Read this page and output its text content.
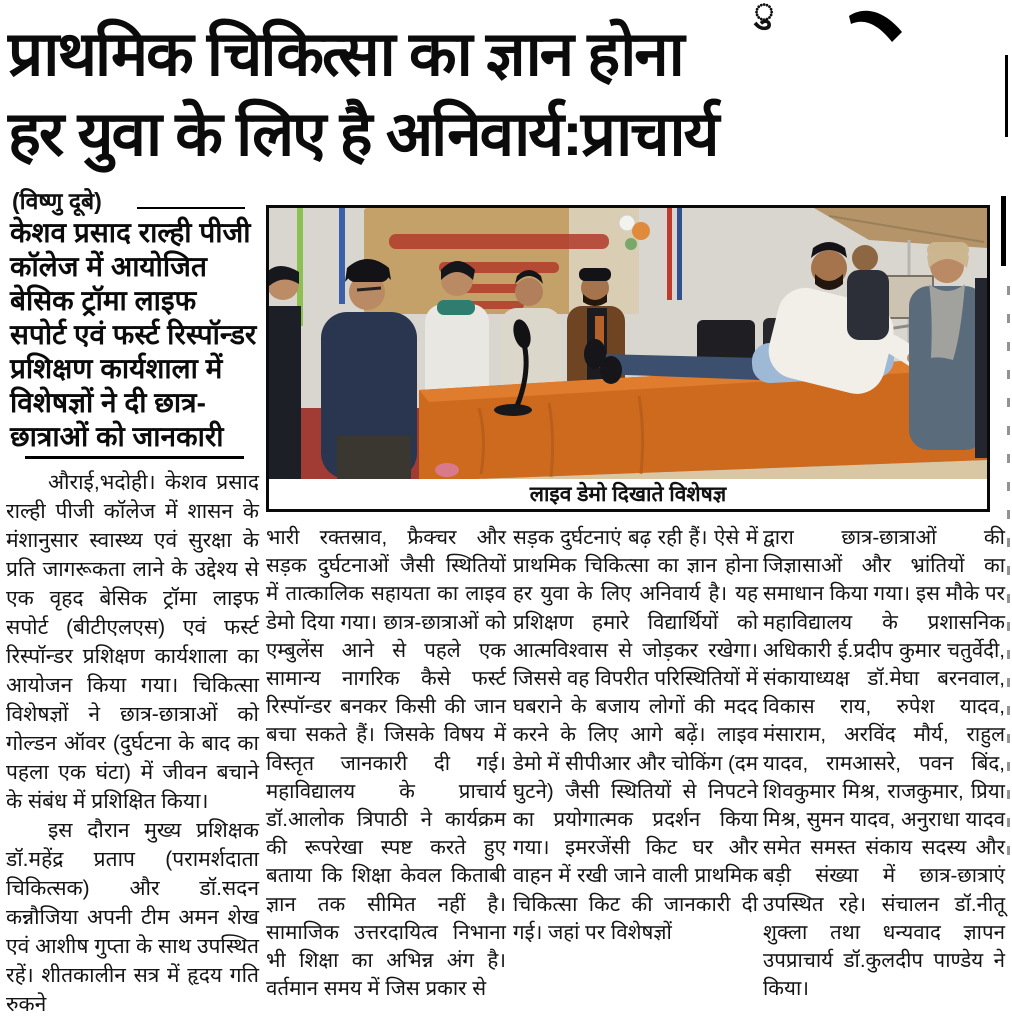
ु
प्राथमिक चिकित्सा का ज्ञान होना
हर युवा के लिए है अनिवार्य:प्राचार्य
(विष्णु दूबे)
केशव प्रसाद राल्ही पीजी कॉलेज में आयोजित बेसिक ट्रॉमा लाइफ सपोर्ट एवं फर्स्ट रिस्पॉन्डर प्रशिक्षण कार्यशाला में विशेषज्ञों ने दी छात्र-छात्राओं को जानकारी
लाइव डेमो दिखाते विशेषज्ञ

औराई,भदोही। केशव प्रसाद राल्ही पीजी कॉलेज में शासन के मंशानुसार स्वास्थ्य एवं सुरक्षा के प्रति जागरूकता लाने के उद्देश्य से एक वृहद बेसिक ट्रॉमा लाइफ सपोर्ट (बीटीएलएस) एवं फर्स्ट रिस्पॉन्डर प्रशिक्षण कार्यशाला का आयोजन किया गया। चिकित्सा विशेषज्ञों ने छात्र-छात्राओं को गोल्डन ऑवर (दुर्घटना के बाद का पहला एक घंटा) में जीवन बचाने के संबंध में प्रशिक्षित किया।

इस दौरान मुख्य प्रशिक्षक डॉ.महेंद्र प्रताप (परामर्शदाता चिकित्सक) और डॉ.सदन कन्नौजिया अपनी टीम अमन शेख एवं आशीष गुप्ता के साथ उपस्थित रहें। शीतकालीन सत्र में हृदय गति रुकने

भारी रक्तस्राव, फ्रैक्चर और सड़क दुर्घटनाओं जैसी स्थितियों में तात्कालिक सहायता का लाइव डेमो दिया गया। छात्र-छात्राओं को एम्बुलेंस आने से पहले एक सामान्य नागरिक कैसे फर्स्ट रिस्पॉन्डर बनकर किसी की जान बचा सकते हैं। जिसके विषय में विस्तृत जानकारी दी गई। महाविद्यालय के प्राचार्य डॉ.आलोक त्रिपाठी ने कार्यक्रम की रूपरेखा स्पष्ट करते हुए बताया कि शिक्षा केवल किताबी ज्ञान तक सीमित नहीं है। सामाजिक उत्तरदायित्व निभाना भी शिक्षा का अभिन्न अंग है। वर्तमान समय में जिस प्रकार से

सड़क दुर्घटनाएं बढ़ रही हैं। ऐसे में प्राथमिक चिकित्सा का ज्ञान होना हर युवा के लिए अनिवार्य है। यह प्रशिक्षण हमारे विद्यार्थियों को आत्मविश्वास से जोड़कर रखेगा। जिससे वह विपरीत परिस्थितियों में घबराने के बजाय लोगों की मदद करने के लिए आगे बढ़ें। लाइव डेमो में सीपीआर और चोकिंग (दम घुटने) जैसी स्थितियों से निपटने का प्रयोगात्मक प्रदर्शन किया गया। इमरजेंसी किट घर और वाहन में रखी जाने वाली प्राथमिक चिकित्सा किट की जानकारी दी गई। जहां पर विशेषज्ञों

द्वारा छात्र-छात्राओं की जिज्ञासाओं और भ्रांतियों का समाधान किया गया। इस मौके पर महाविद्यालय के प्रशासनिक अधिकारी ई.प्रदीप कुमार चतुर्वेदी, संकायाध्यक्ष डॉ.मेघा बरनवाल, विकास राय, रुपेश यादव, मंसाराम, अरविंद मौर्य, राहुल यादव, रामआसरे, पवन बिंद, शिवकुमार मिश्र, राजकुमार, प्रिया मिश्र, सुमन यादव, अनुराधा यादव समेत समस्त संकाय सदस्य और बड़ी संख्या में छात्र-छात्राएं उपस्थित रहे। संचालन डॉ.नीतू शुक्ला तथा धन्यवाद ज्ञापन उपप्राचार्य डॉ.कुलदीप पाण्डेय ने किया।
